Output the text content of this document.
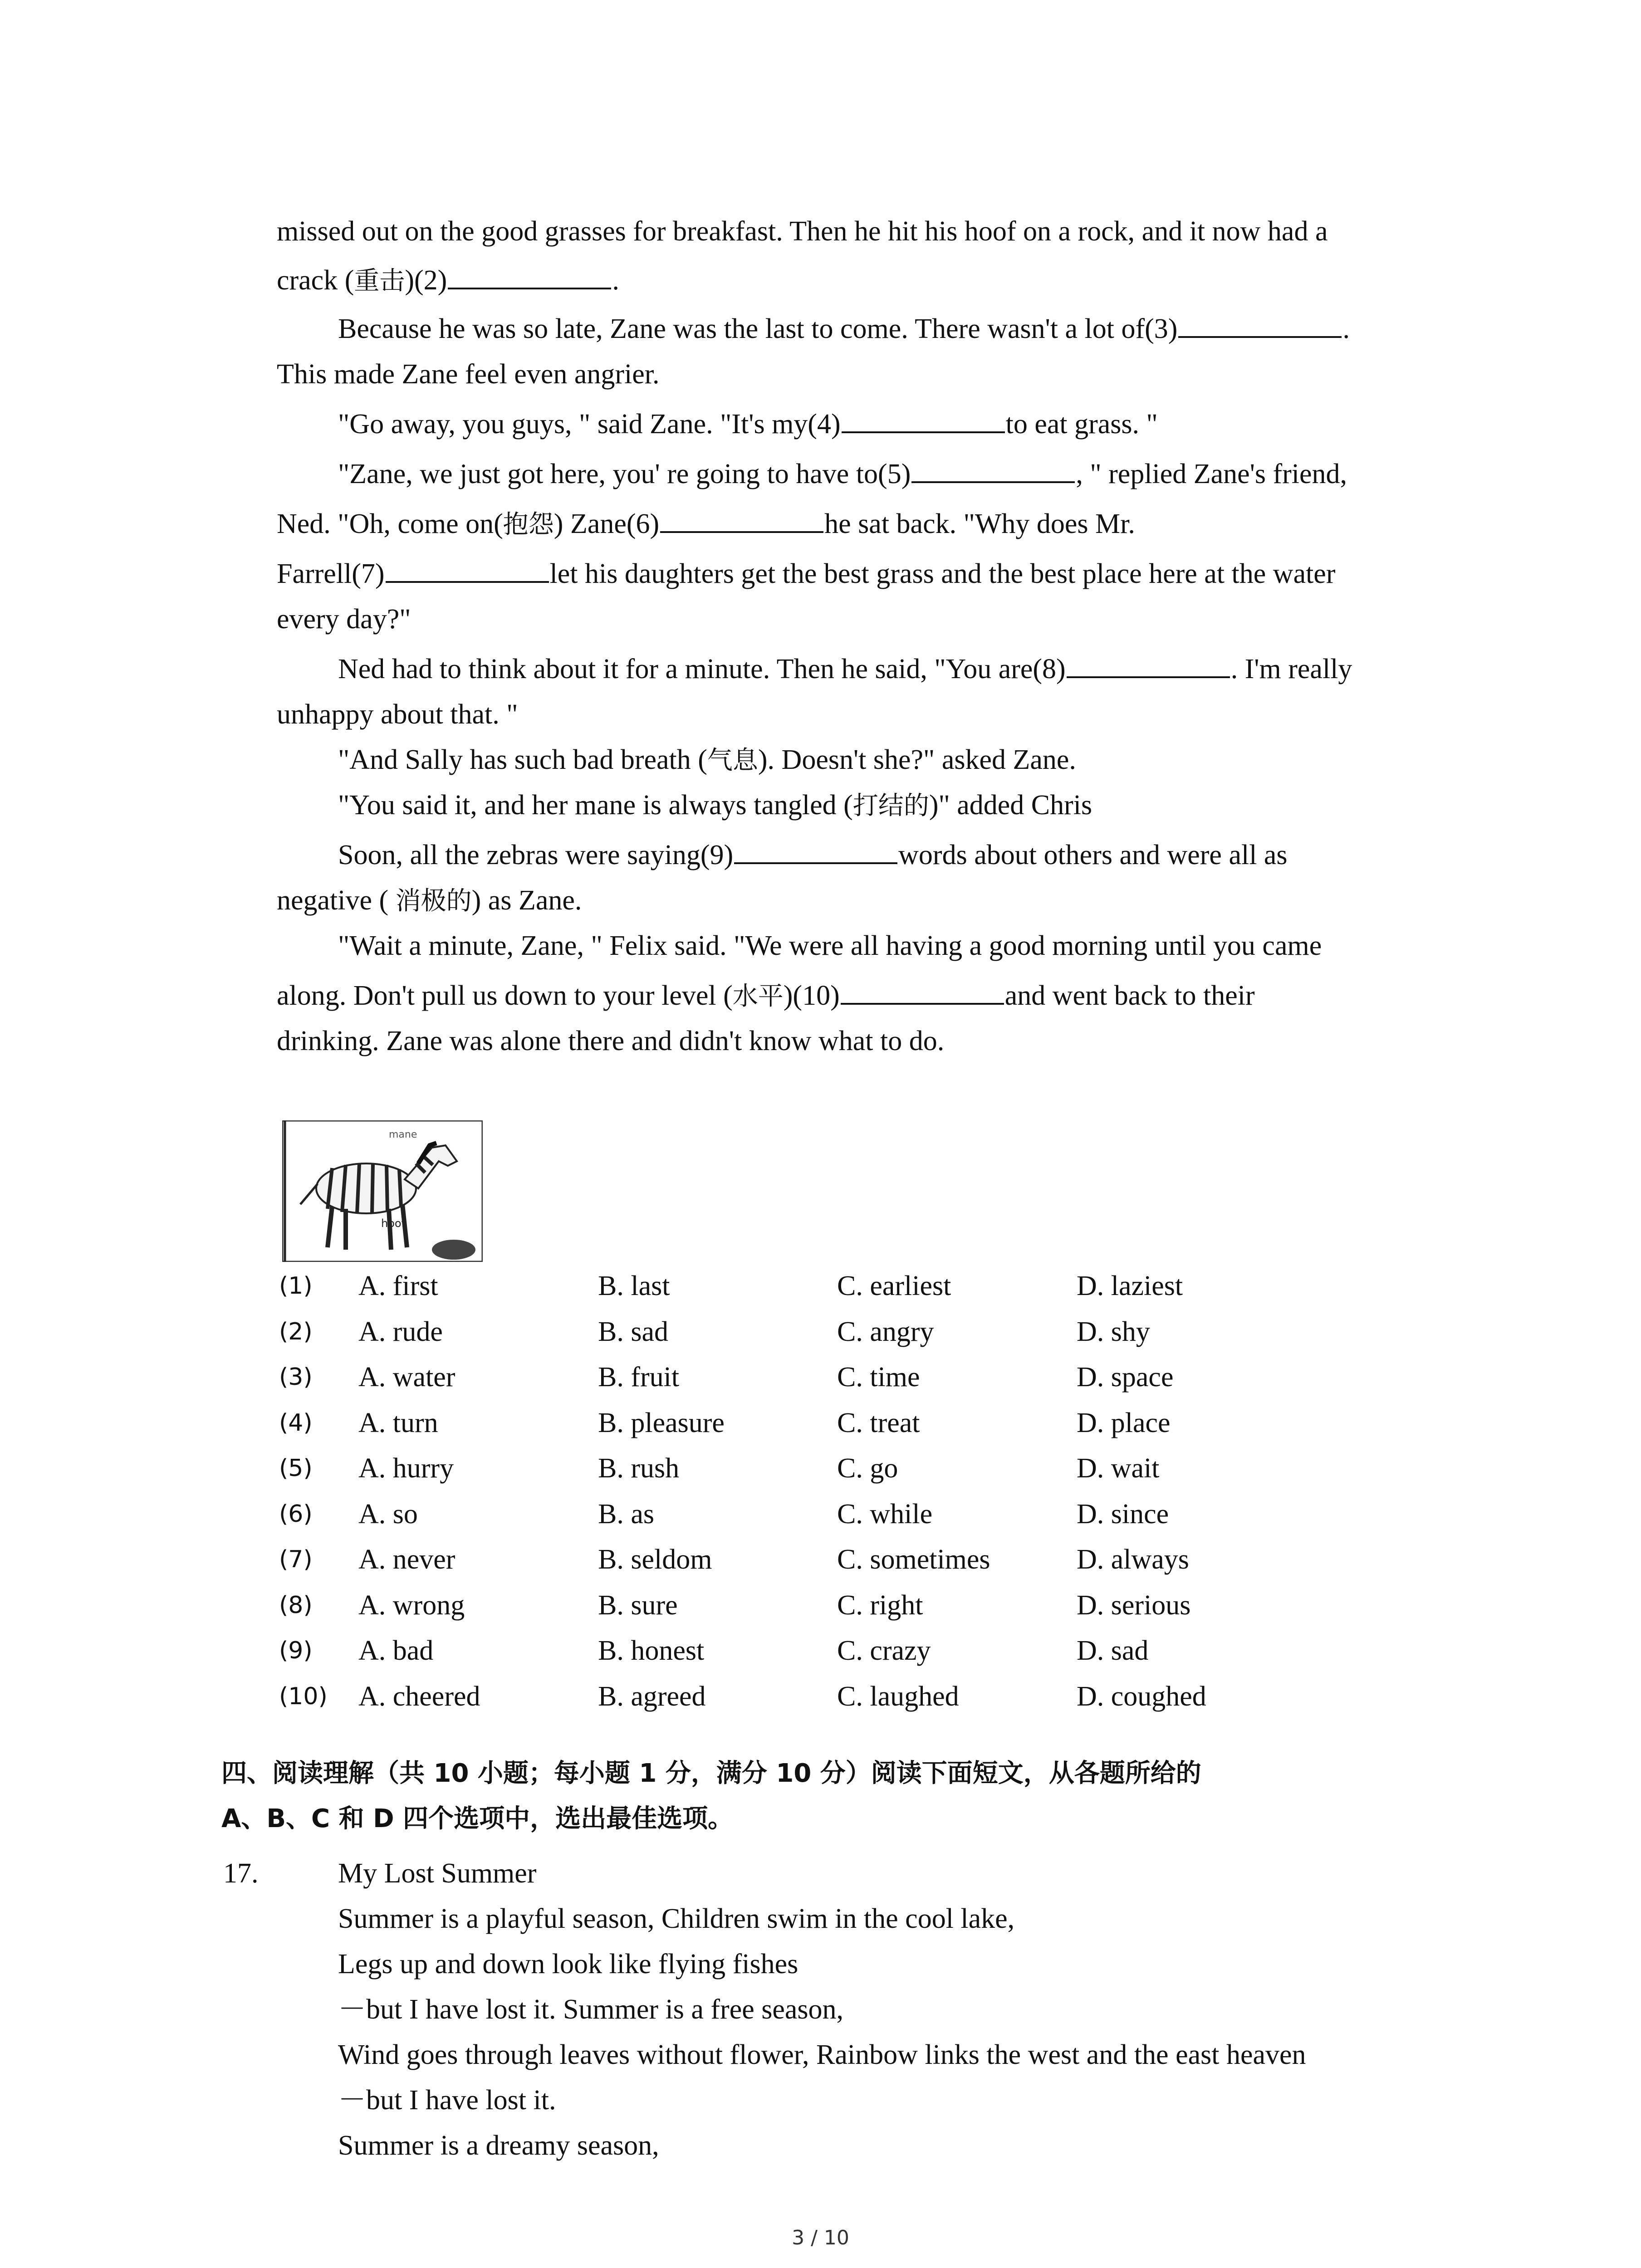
missed out on the good grasses for breakfast. Then he hit his hoof on a rock, and it now had a
crack (重击)(2)	.
Because he was so late, Zane was the last to come. There wasn't a lot of(3)	.
This made Zane feel even angrier.
"Go away, you guys, " said Zane. "It's my(4)	to eat grass. "
"Zane, we just got here, you' re going to have to(5)	, " replied Zane's friend,
Ned. "Oh, come on(抱怨) Zane(6)	he sat back. "Why does Mr.
Farrell(7)	let his daughters get the best grass and the best place here at the water
every day?"
Ned had to think about it for a minute. Then he said, "You are(8)	. I'm really
unhappy about that. "
"And Sally has such bad breath (气息). Doesn't she?" asked Zane.
"You said it, and her mane is always tangled (打结的)" added Chris
Soon, all the zebras were saying(9)	words about others and were all as
negative ( 消极的) as Zane.
"Wait a minute, Zane, " Felix said. "We were all having a good morning until you came
along. Don't pull us down to your level (水平)(10)	and went back to their
drinking. Zane was alone there and didn't know what to do.
mane
hoof
(1)	A. first	B. last	C. earliest	D. laziest
(2)	A. rude	B. sad	C. angry	D. shy
(3)	A. water	B. fruit	C. time	D. space
(4)	A. turn	B. pleasure	C. treat	D. place
(5)	A. hurry	B. rush	C. go	D. wait
(6)	A. so	B. as	C. while	D. since
(7)	A. never	B. seldom	C. sometimes	D. always
(8)	A. wrong	B. sure	C. right	D. serious
(9)	A. bad	B. honest	C. crazy	D. sad
(10)	A. cheered	B. agreed	C. laughed	D. coughed
四、阅读理解（共 10 小题；每小题 1 分，满分 10 分）阅读下面短文，从各题所给的
A、B、C 和 D 四个选项中，选出最佳选项。
17.	My Lost Summer
Summer is a playful season, Children swim in the cool lake,
Legs up and down look like flying fishes
－but I have lost it. Summer is a free season,
Wind goes through leaves without flower, Rainbow links the west and the east heaven
－but I have lost it.
Summer is a dreamy season,
3 / 10
